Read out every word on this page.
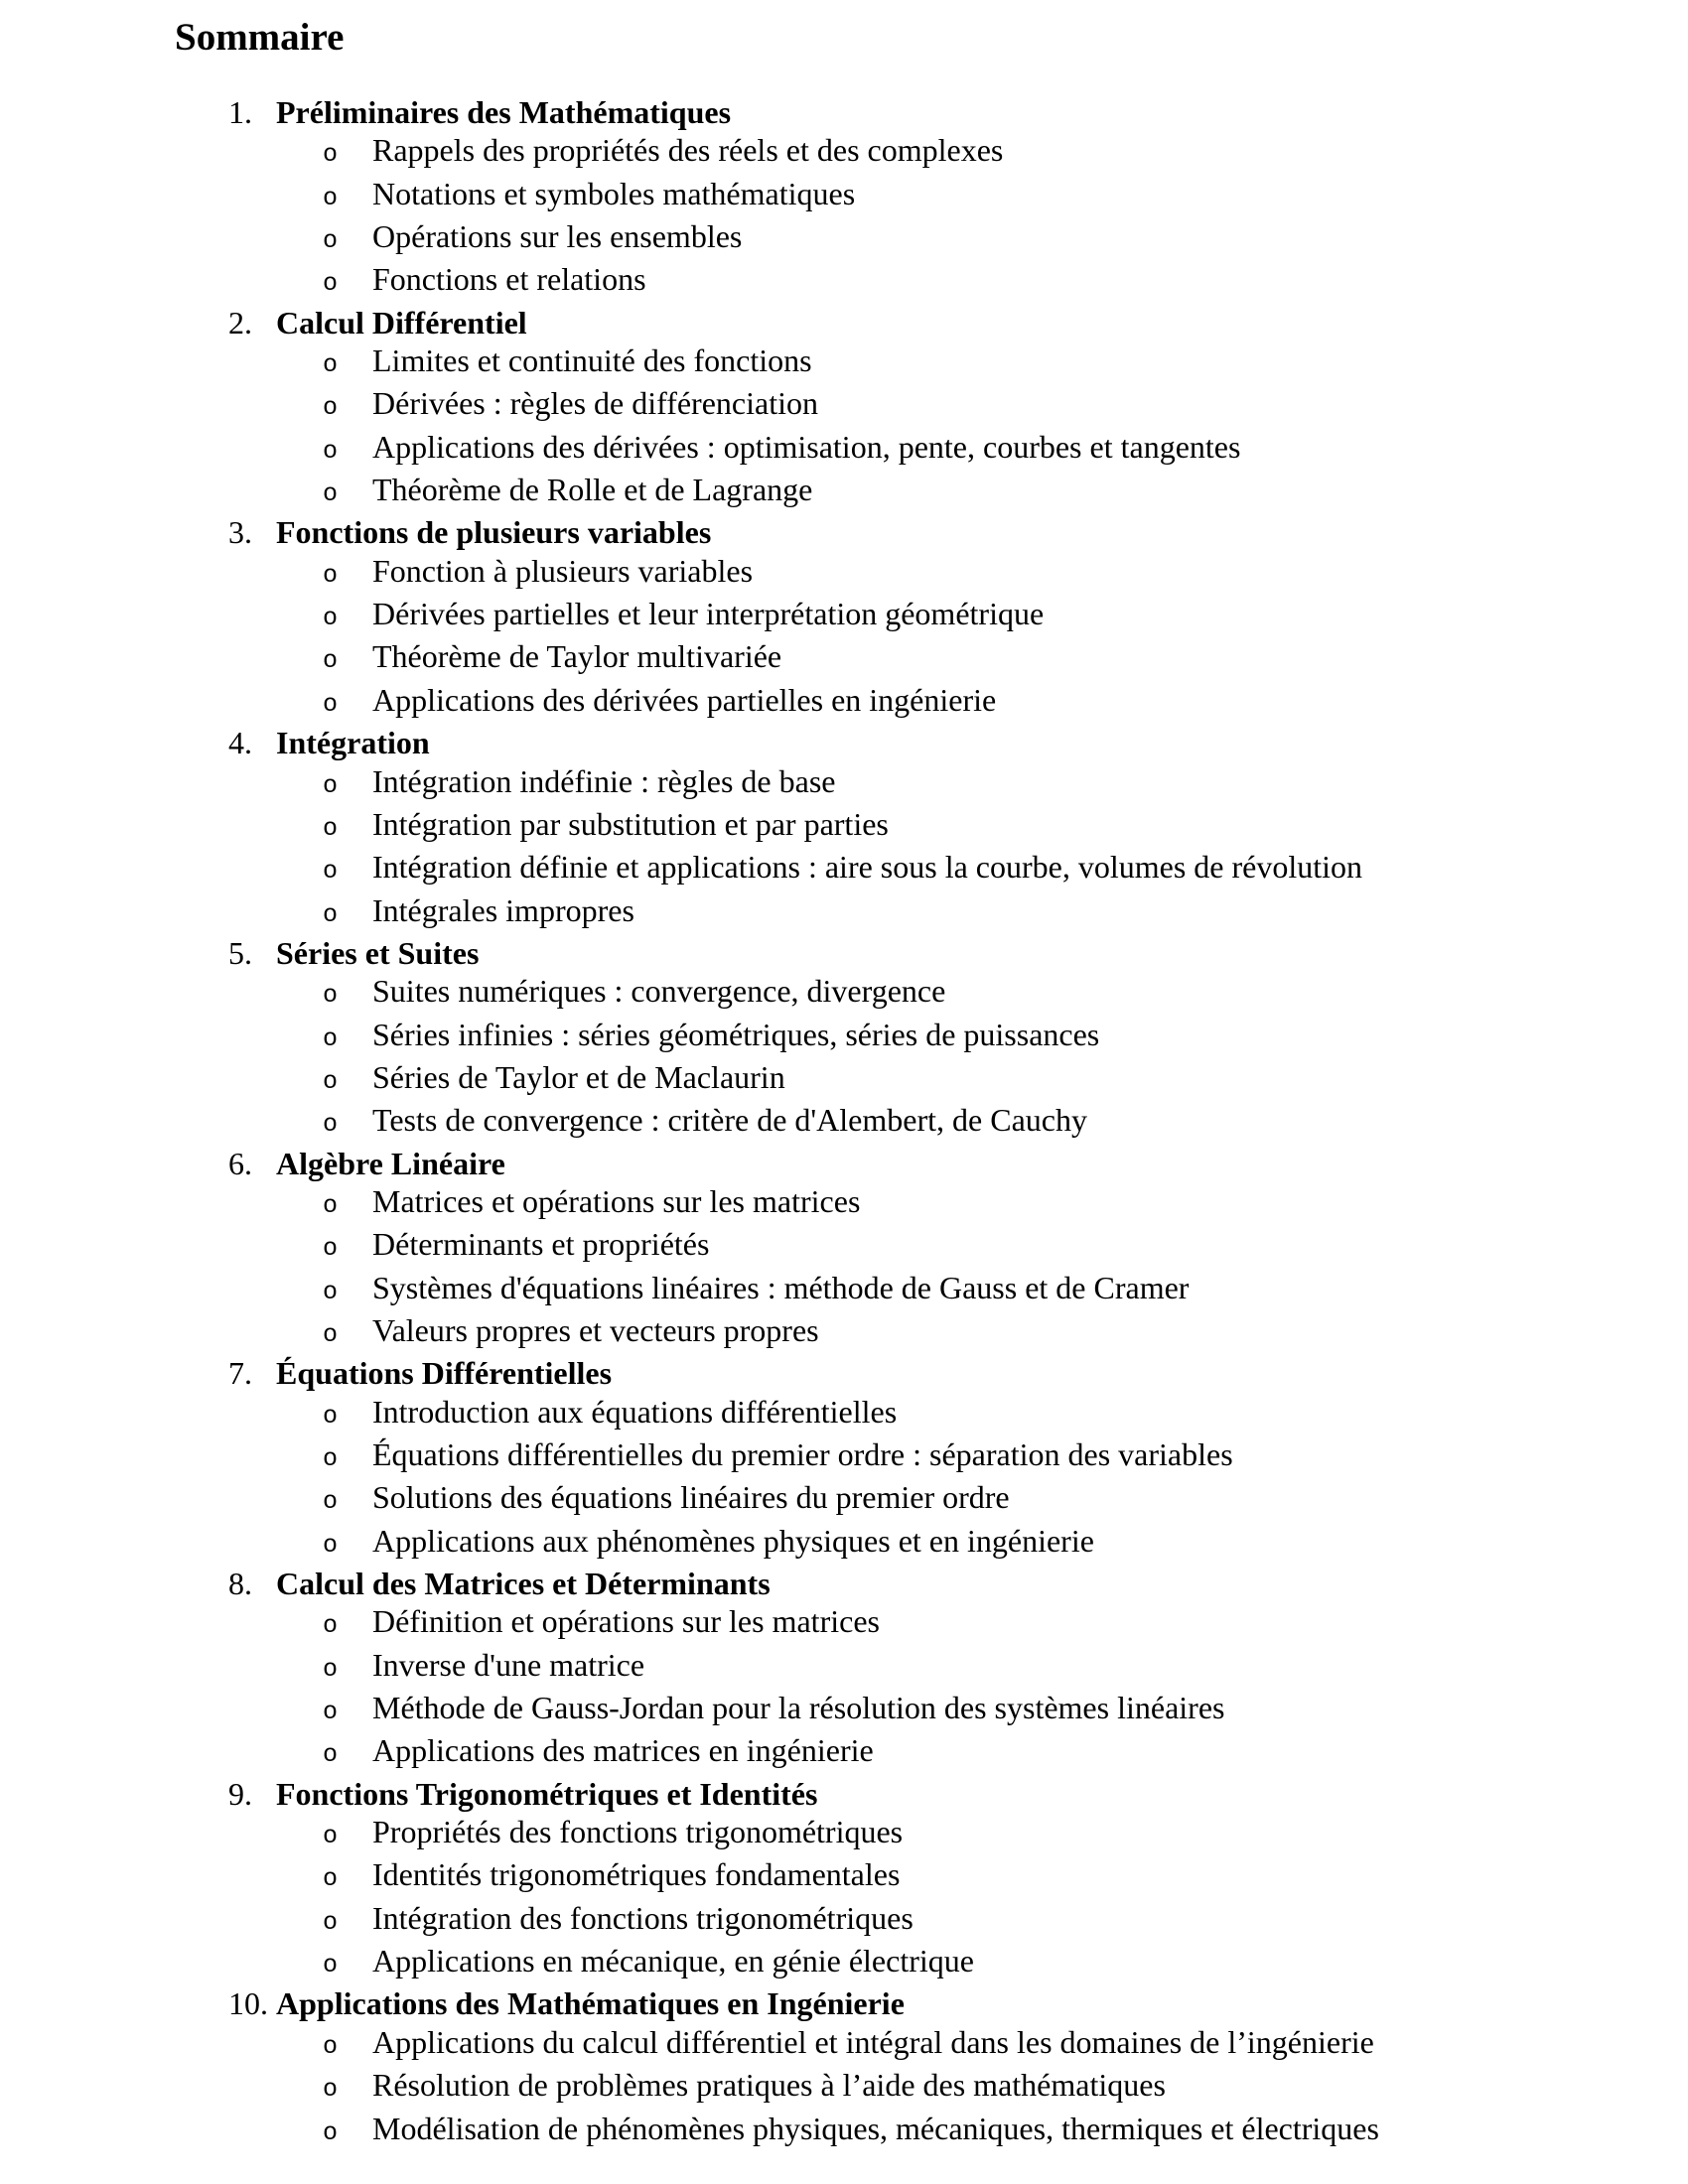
Sommaire
1. Préliminaires des Mathématiques
o Rappels des propriétés des réels et des complexes
o Notations et symboles mathématiques
o Opérations sur les ensembles
o Fonctions et relations
2. Calcul Différentiel
o Limites et continuité des fonctions
o Dérivées : règles de différenciation
o Applications des dérivées : optimisation, pente, courbes et tangentes
o Théorème de Rolle et de Lagrange
3. Fonctions de plusieurs variables
o Fonction à plusieurs variables
o Dérivées partielles et leur interprétation géométrique
o Théorème de Taylor multivariée
o Applications des dérivées partielles en ingénierie
4. Intégration
o Intégration indéfinie : règles de base
o Intégration par substitution et par parties
o Intégration définie et applications : aire sous la courbe, volumes de révolution
o Intégrales impropres
5. Séries et Suites
o Suites numériques : convergence, divergence
o Séries infinies : séries géométriques, séries de puissances
o Séries de Taylor et de Maclaurin
o Tests de convergence : critère de d'Alembert, de Cauchy
6. Algèbre Linéaire
o Matrices et opérations sur les matrices
o Déterminants et propriétés
o Systèmes d'équations linéaires : méthode de Gauss et de Cramer
o Valeurs propres et vecteurs propres
7. Équations Différentielles
o Introduction aux équations différentielles
o Équations différentielles du premier ordre : séparation des variables
o Solutions des équations linéaires du premier ordre
o Applications aux phénomènes physiques et en ingénierie
8. Calcul des Matrices et Déterminants
o Définition et opérations sur les matrices
o Inverse d'une matrice
o Méthode de Gauss-Jordan pour la résolution des systèmes linéaires
o Applications des matrices en ingénierie
9. Fonctions Trigonométriques et Identités
o Propriétés des fonctions trigonométriques
o Identités trigonométriques fondamentales
o Intégration des fonctions trigonométriques
o Applications en mécanique, en génie électrique
10. Applications des Mathématiques en Ingénierie
o Applications du calcul différentiel et intégral dans les domaines de l’ingénierie
o Résolution de problèmes pratiques à l’aide des mathématiques
o Modélisation de phénomènes physiques, mécaniques, thermiques et électriques
